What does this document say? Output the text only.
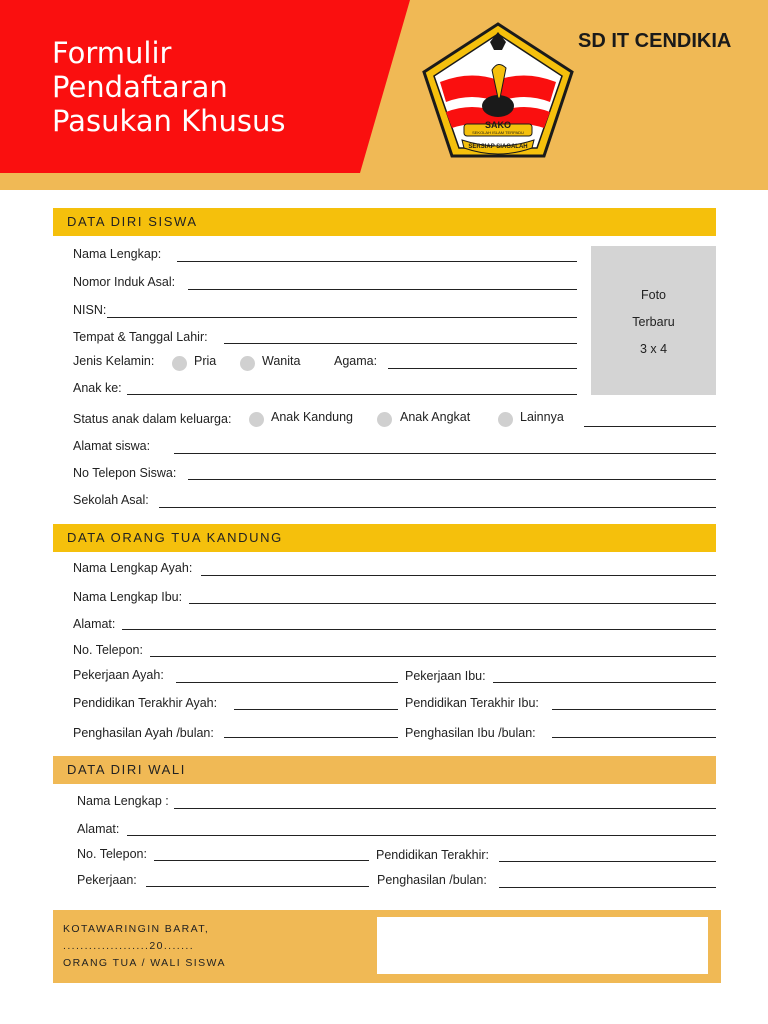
Formulir
Pendaftaran
Pasukan Khusus
SD IT CENDIKIA
SAKO
SEKOLAH ISLAM TERPADU
SERSIAP SIAGALAH
DATA DIRI SISWA
Foto
Terbaru
3 x 4
Nama Lengkap:
Nomor Induk Asal:
NISN:
Tempat & Tanggal Lahir:
Jenis Kelamin:	Pria	Wanita	Agama:
Anak ke:
Status anak dalam keluarga:	Anak Kandung	Anak Angkat	Lainnya
Alamat siswa:
No Telepon Siswa:
Sekolah Asal:
DATA ORANG TUA KANDUNG
Nama Lengkap Ayah:
Nama Lengkap Ibu:
Alamat:
No. Telepon:
Pekerjaan Ayah:	Pekerjaan Ibu:
Pendidikan Terakhir Ayah:	Pendidikan Terakhir Ibu:
Penghasilan Ayah /bulan:	Penghasilan Ibu /bulan:
DATA DIRI WALI
Nama Lengkap :
Alamat:
No. Telepon:	Pendidikan Terakhir:
Pekerjaan:	Penghasilan /bulan:
KOTAWARINGIN BARAT,
....................20.......
ORANG TUA / WALI SISWA
